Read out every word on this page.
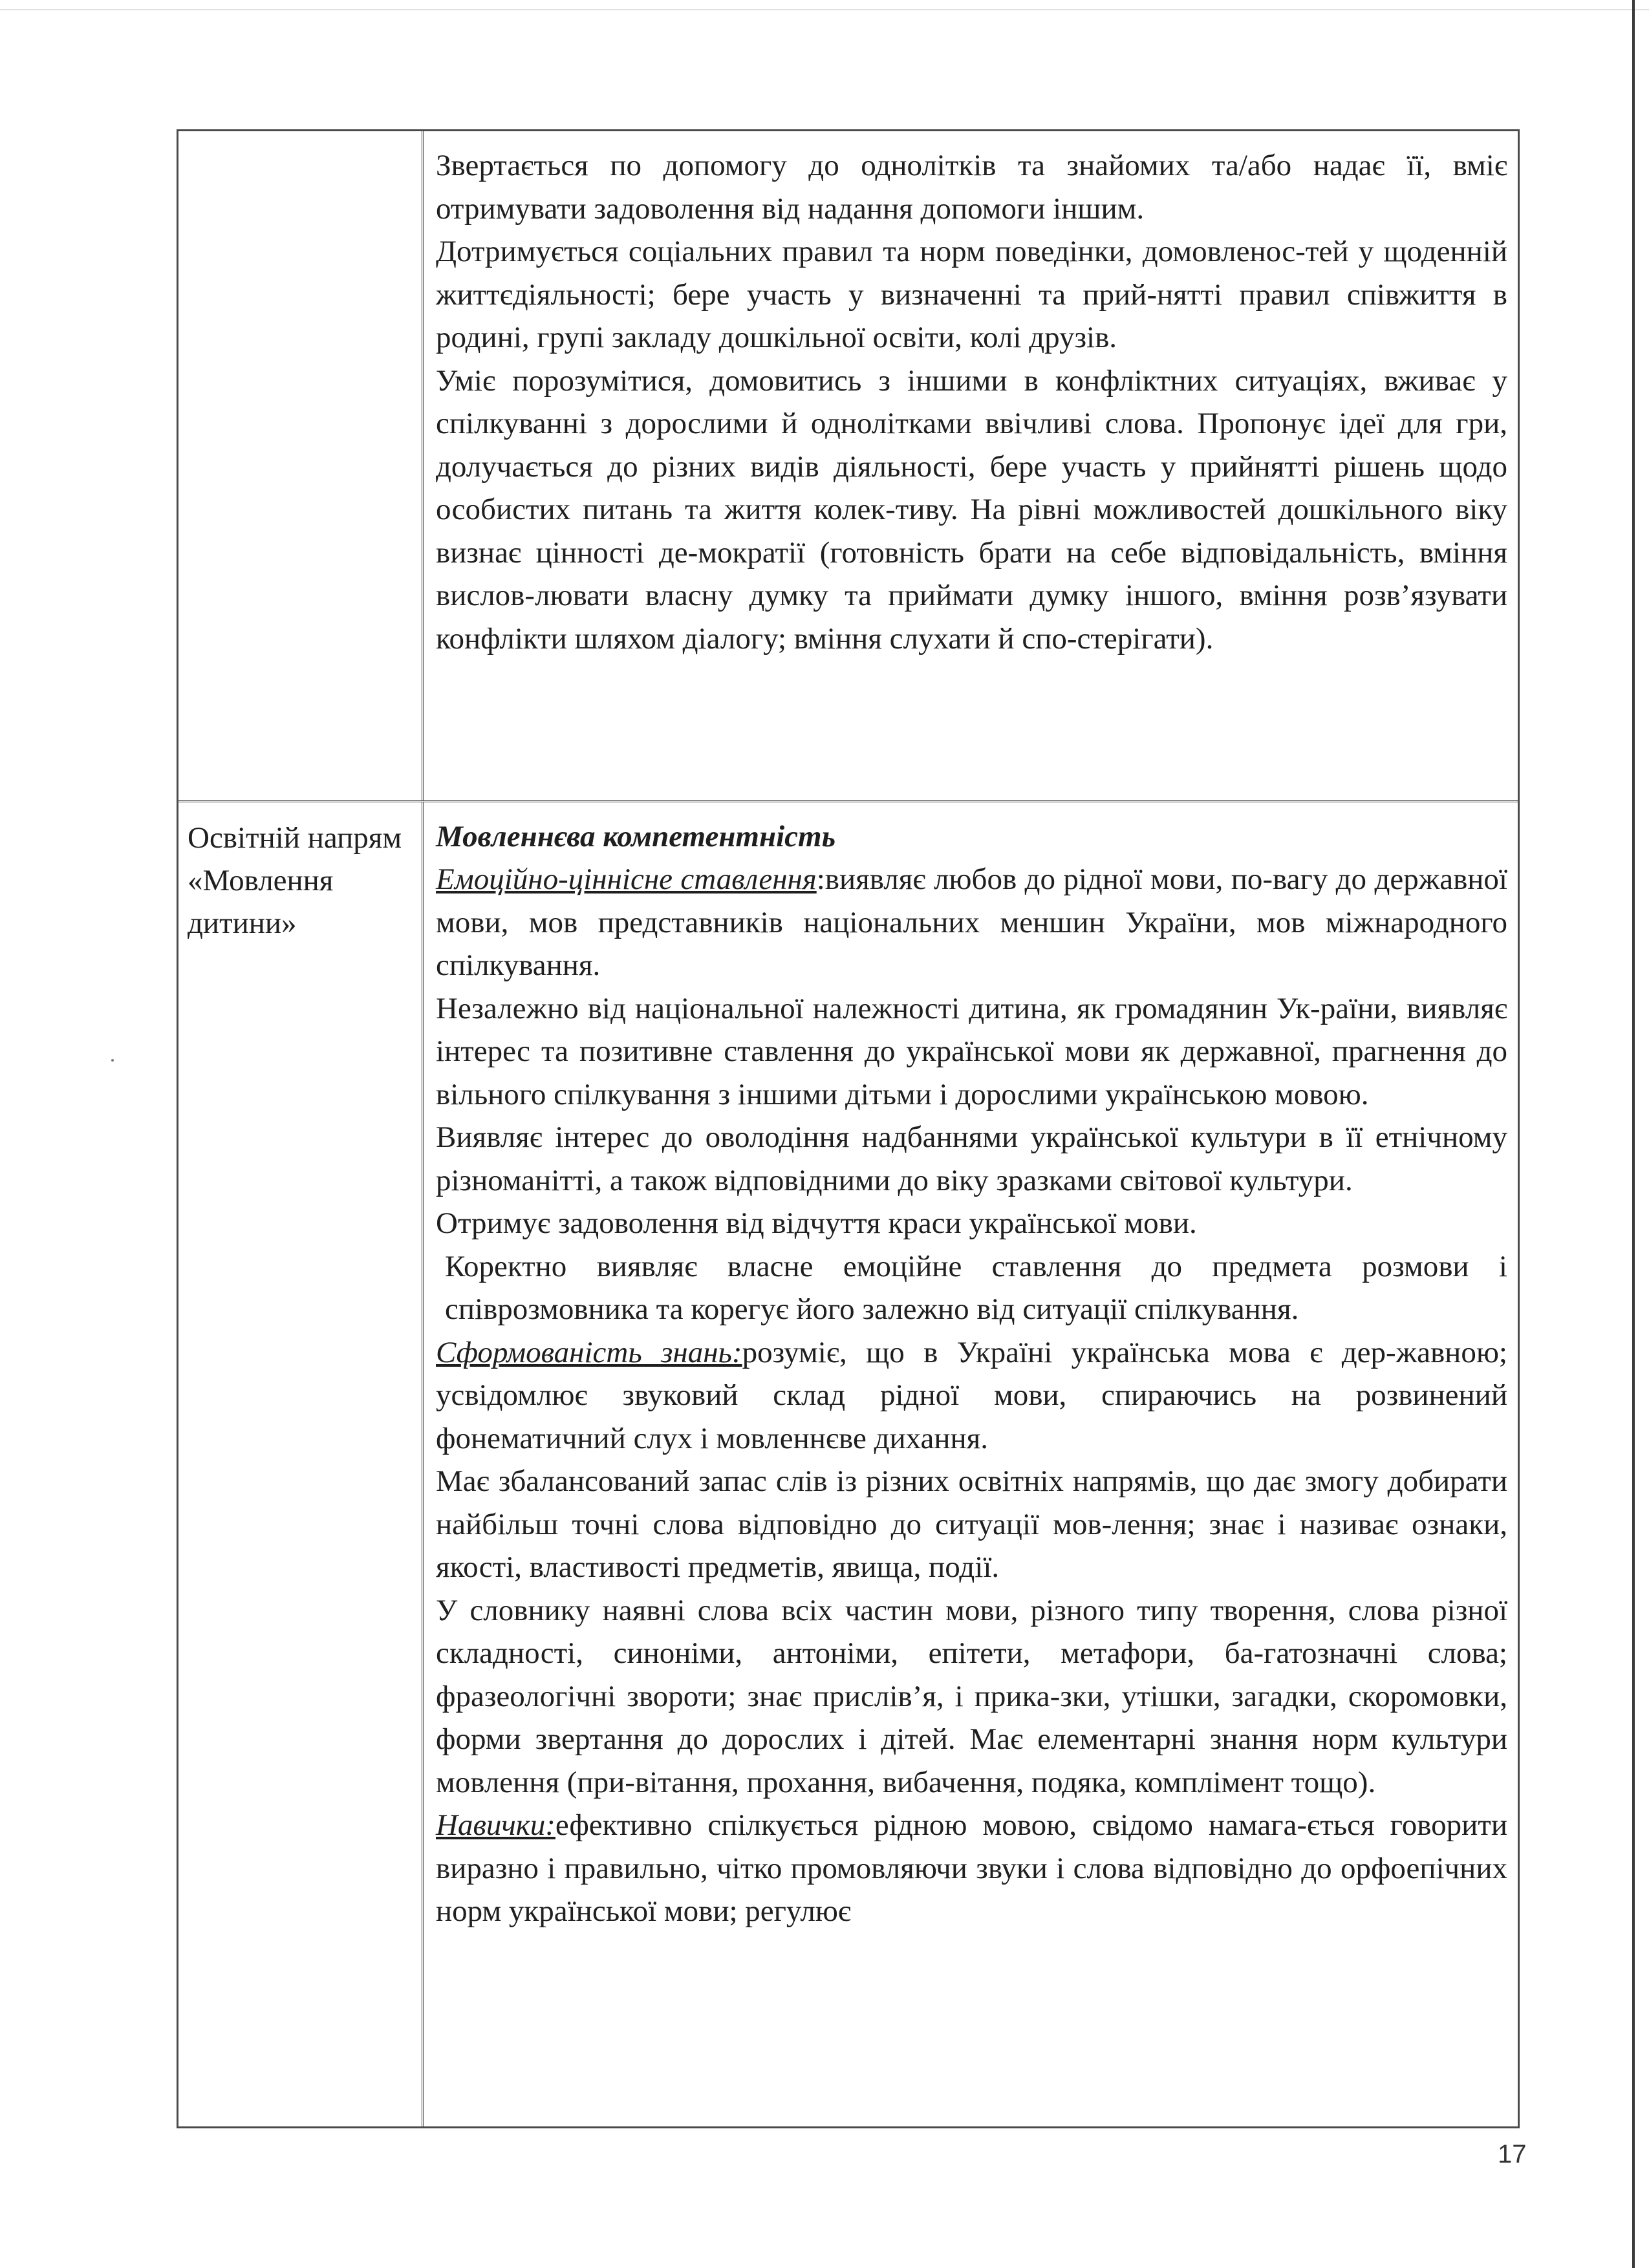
Звертається по допомогу до однолітків та знайомих та/або надає її, вміє отримувати задоволення від надання допомоги іншим.

Дотримується соціальних правил та норм поведінки, домовленос-тей у щоденній життєдіяльності; бере участь у визначенні та прий-нятті правил співжиття в родині, групі закладу дошкільної освіти, колі друзів.

Уміє порозумітися, домовитись з іншими в конфліктних ситуаціях, вживає у спілкуванні з дорослими й однолітками ввічливі слова. Пропонує ідеї для гри, долучається до різних видів діяльності, бере участь у прийнятті рішень щодо особистих питань та життя колек-тиву. На рівні можливостей дошкільного віку визнає цінності де-мократії (готовність брати на себе відповідальність, вміння вислов-лювати власну думку та приймати думку іншого, вміння розв’язувати конфлікти шляхом діалогу; вміння слухати й спо-стерігати).

Освітній напрям «Мовлення дитини»

Мовленнєва компетентність

Емоційно-ціннісне ставлення:виявляє любов до рідної мови, по-вагу до державної мови, мов представників національних меншин України, мов міжнародного спілкування.

Незалежно від національної належності дитина, як громадянин Ук-раїни, виявляє інтерес та позитивне ставлення до української мови як державної, прагнення до вільного спілкування з іншими дітьми і дорослими українською мовою.

Виявляє інтерес до оволодіння надбаннями української культури в її етнічному різноманітті, а також відповідними до віку зразками світової культури.

Отримує задоволення від відчуття краси української мови.

Коректно виявляє власне емоційне ставлення до предмета розмови і співрозмовника та корегує його залежно від ситуації спілкування.

Сформованість знань:розуміє, що в Україні українська мова є дер-жавною; усвідомлює звуковий склад рідної мови, спираючись на розвинений фонематичний слух і мовленнєве дихання.

Має збалансований запас слів із різних освітніх напрямів, що дає змогу добирати найбільш точні слова відповідно до ситуації мов-лення; знає і називає ознаки, якості, властивості предметів, явища, події.

У словнику наявні слова всіх частин мови, різного типу творення, слова різної складності, синоніми, антоніми, епітети, метафори, ба-гатозначні слова; фразеологічні звороти; знає прислів’я, і прика-зки, утішки, загадки, скоромовки, форми звертання до дорослих і дітей. Має елементарні знання норм культури мовлення (при-вітання, прохання, вибачення, подяка, комплімент тощо).

Навички:ефективно спілкується рідною мовою, свідомо намага-ється говорити виразно і правильно, чітко промовляючи звуки і слова відповідно до орфоепічних норм української мови; регулює

17
